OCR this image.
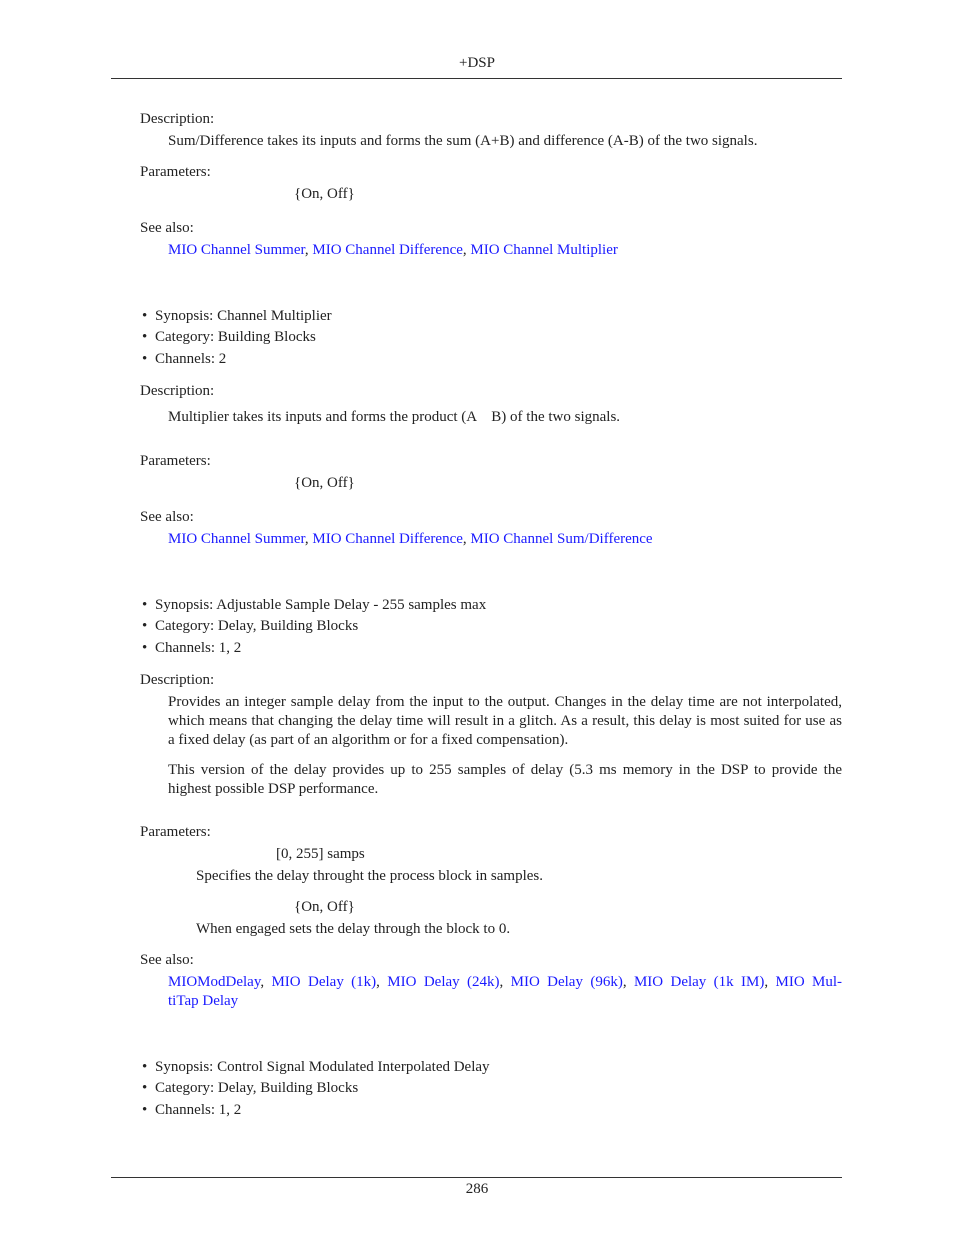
+DSP
Description:
Sum/Difference takes its inputs and forms the sum (A+B) and difference (A-B) of the two signals.
Parameters:
{On, Off}
See also:
MIO Channel Summer, MIO Channel Difference, MIO Channel Multiplier
• Synopsis: Channel Multiplier
• Category: Building Blocks
• Channels: 2
Description:
Multiplier takes its inputs and forms the product (A    B) of the two signals.
Parameters:
{On, Off}
See also:
MIO Channel Summer, MIO Channel Difference, MIO Channel Sum/Difference
• Synopsis: Adjustable Sample Delay - 255 samples max
• Category: Delay, Building Blocks
• Channels: 1, 2
Description:
Provides an integer sample delay from the input to the output. Changes in the delay time are not interpolated, which means that changing the delay time will result in a glitch. As a result, this delay is most suited for use as a fixed delay (as part of an algorithm or for a fixed compensation).
This version of the delay provides up to 255 samples of delay (5.3 ms memory in the DSP to provide the highest possible DSP performance.
Parameters:
[0, 255] samps
Specifies the delay throught the process block in samples.
{On, Off}
When engaged sets the delay through the block to 0.
See also:
MIOModDelay, MIO Delay (1k), MIO Delay (24k), MIO Delay (96k), MIO Delay (1k IM), MIO Mul-
tiTap Delay
• Synopsis: Control Signal Modulated Interpolated Delay
• Category: Delay, Building Blocks
• Channels: 1, 2
286
